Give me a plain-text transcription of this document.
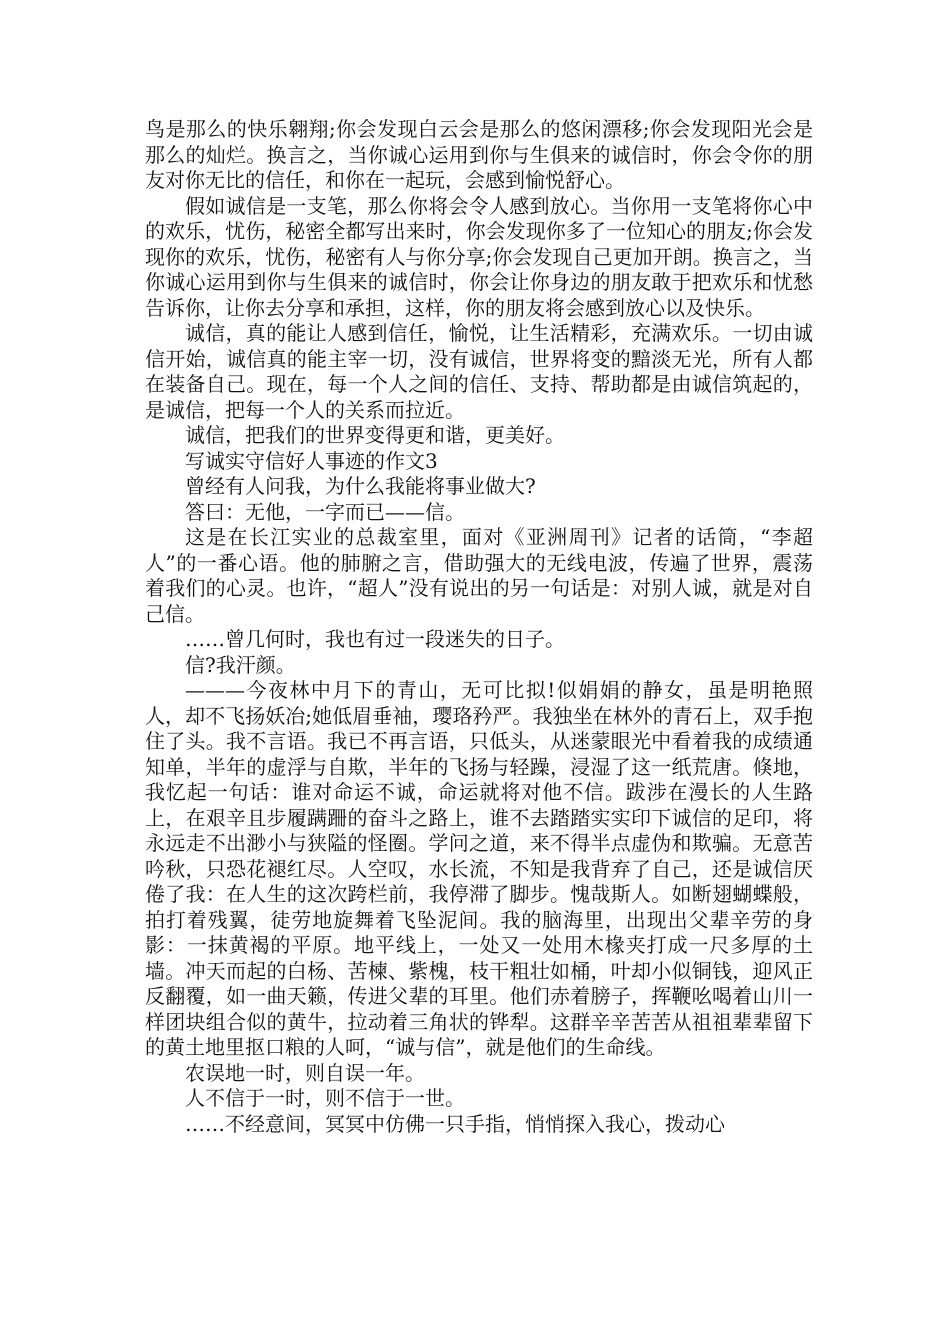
鸟是那么的快乐翱翔;你会发现白云会是那么的悠闲漂移;你会发现阳光会是那么的灿烂。换言之，当你诚心运用到你与生俱来的诚信时，你会令你的朋友对你无比的信任，和你在一起玩，会感到愉悦舒心。

假如诚信是一支笔，那么你将会令人感到放心。当你用一支笔将你心中的欢乐，忧伤，秘密全都写出来时，你会发现你多了一位知心的朋友;你会发现你的欢乐，忧伤，秘密有人与你分享;你会发现自己更加开朗。换言之，当你诚心运用到你与生俱来的诚信时，你会让你身边的朋友敢于把欢乐和忧愁告诉你，让你去分享和承担，这样，你的朋友将会感到放心以及快乐。

诚信，真的能让人感到信任，愉悦，让生活精彩，充满欢乐。一切由诚信开始，诚信真的能主宰一切，没有诚信，世界将变的黯淡无光，所有人都在装备自己。现在，每一个人之间的信任、支持、帮助都是由诚信筑起的，是诚信，把每一个人的关系而拉近。

诚信，把我们的世界变得更和谐，更美好。

写诚实守信好人事迹的作文3

曾经有人问我，为什么我能将事业做大?

答曰：无他，一字而已——信。

这是在长江实业的总裁室里，面对《亚洲周刊》记者的话筒，“李超人”的一番心语。他的肺腑之言，借助强大的无线电波，传遍了世界，震荡着我们的心灵。也许，“超人”没有说出的另一句话是：对别人诚，就是对自己信。

……曾几何时，我也有过一段迷失的日子。

信?我汗颜。

———今夜林中月下的青山，无可比拟!似娟娟的静女，虽是明艳照人，却不飞扬妖冶;她低眉垂袖，璎珞矜严。我独坐在林外的青石上，双手抱住了头。我不言语。我已不再言语，只低头，从迷蒙眼光中看着我的成绩通知单，半年的虚浮与自欺，半年的飞扬与轻躁，浸湿了这一纸荒唐。倏地，我忆起一句话：谁对命运不诚，命运就将对他不信。跋涉在漫长的人生路上，在艰辛且步履蹒跚的奋斗之路上，谁不去踏踏实实印下诚信的足印，将永远走不出渺小与狭隘的怪圈。学问之道，来不得半点虚伪和欺骗。无意苦吟秋，只恐花褪红尽。人空叹，水长流，不知是我背弃了自己，还是诚信厌倦了我：在人生的这次跨栏前，我停滞了脚步。愧哉斯人。如断翅蝴蝶般，拍打着残翼，徒劳地旋舞着飞坠泥间。我的脑海里，出现出父辈辛劳的身影：一抹黄褐的平原。地平线上，一处又一处用木椽夹打成一尺多厚的土墙。冲天而起的白杨、苦楝、紫槐，枝干粗壮如桶，叶却小似铜钱，迎风正反翻覆，如一曲天籁，传进父辈的耳里。他们赤着膀子，挥鞭吆喝着山川一样团块组合似的黄牛，拉动着三角状的铧犁。这群辛辛苦苦从祖祖辈辈留下的黄土地里抠口粮的人呵，“诚与信”，就是他们的生命线。

农误地一时，则自误一年。

人不信于一时，则不信于一世。

……不经意间，冥冥中仿佛一只手指，悄悄探入我心，拨动心
